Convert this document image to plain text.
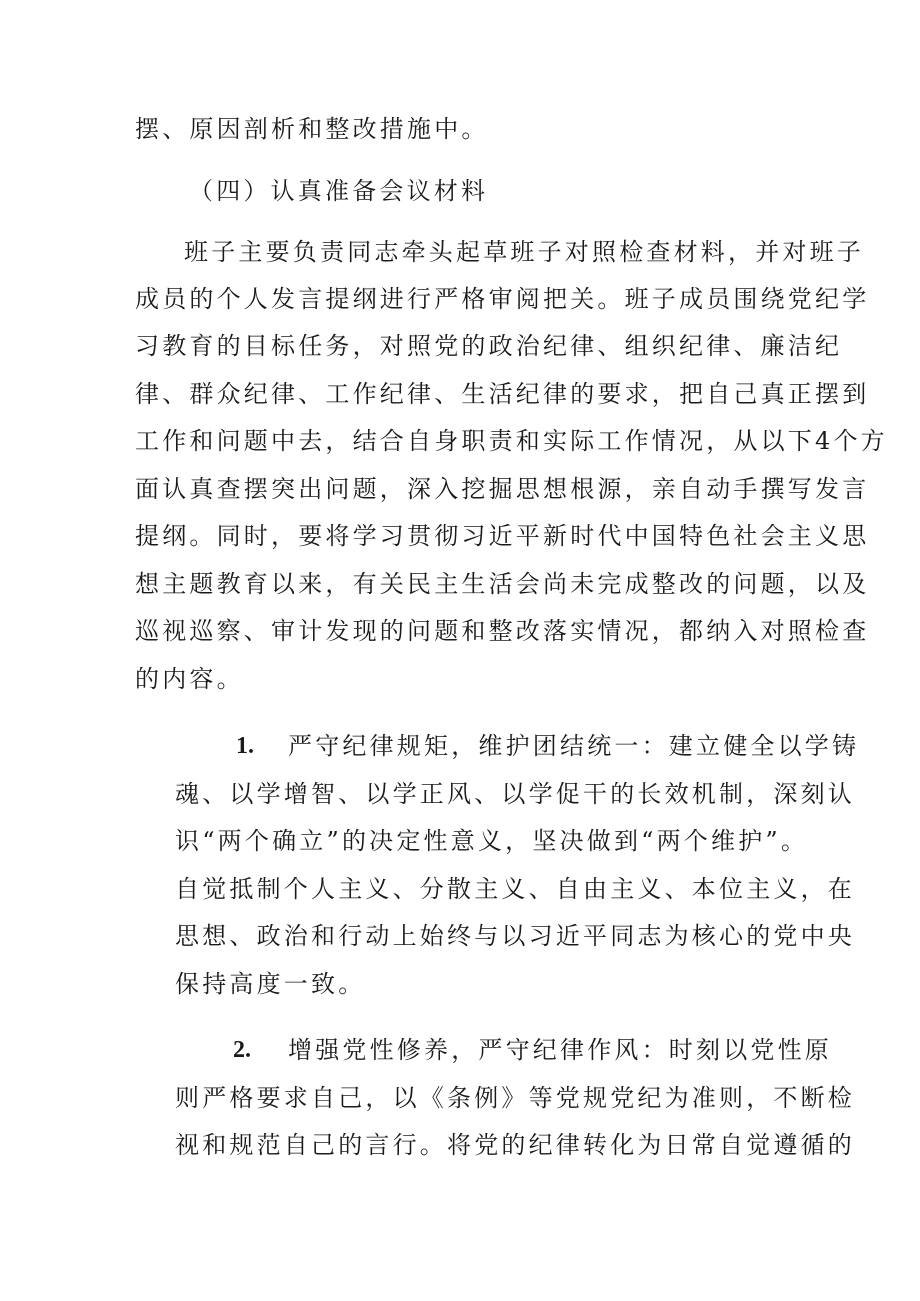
摆、原因剖析和整改措施中。
（四）认真准备会议材料
班子主要负责同志牵头起草班子对照检查材料，并对班子
成员的个人发言提纲进行严格审阅把关。班子成员围绕党纪学
习教育的目标任务，对照党的政治纪律、组织纪律、廉洁纪
律、群众纪律、工作纪律、生活纪律的要求，把自己真正摆到
工作和问题中去，结合自身职责和实际工作情况，从以下4个方
面认真查摆突出问题，深入挖掘思想根源，亲自动手撰写发言
提纲。同时，要将学习贯彻习近平新时代中国特色社会主义思
想主题教育以来，有关民主生活会尚未完成整改的问题，以及
巡视巡察、审计发现的问题和整改落实情况，都纳入对照检查
的内容。
1. 严守纪律规矩，维护团结统一：建立健全以学铸
魂、以学增智、以学正风、以学促干的长效机制，深刻认
识“两个确立”的决定性意义，坚决做到“两个维护”。
自觉抵制个人主义、分散主义、自由主义、本位主义，在
思想、政治和行动上始终与以习近平同志为核心的党中央
保持高度一致。
2. 增强党性修养，严守纪律作风：时刻以党性原
则严格要求自己，以《条例》等党规党纪为准则，不断检
视和规范自己的言行。将党的纪律转化为日常自觉遵循的
